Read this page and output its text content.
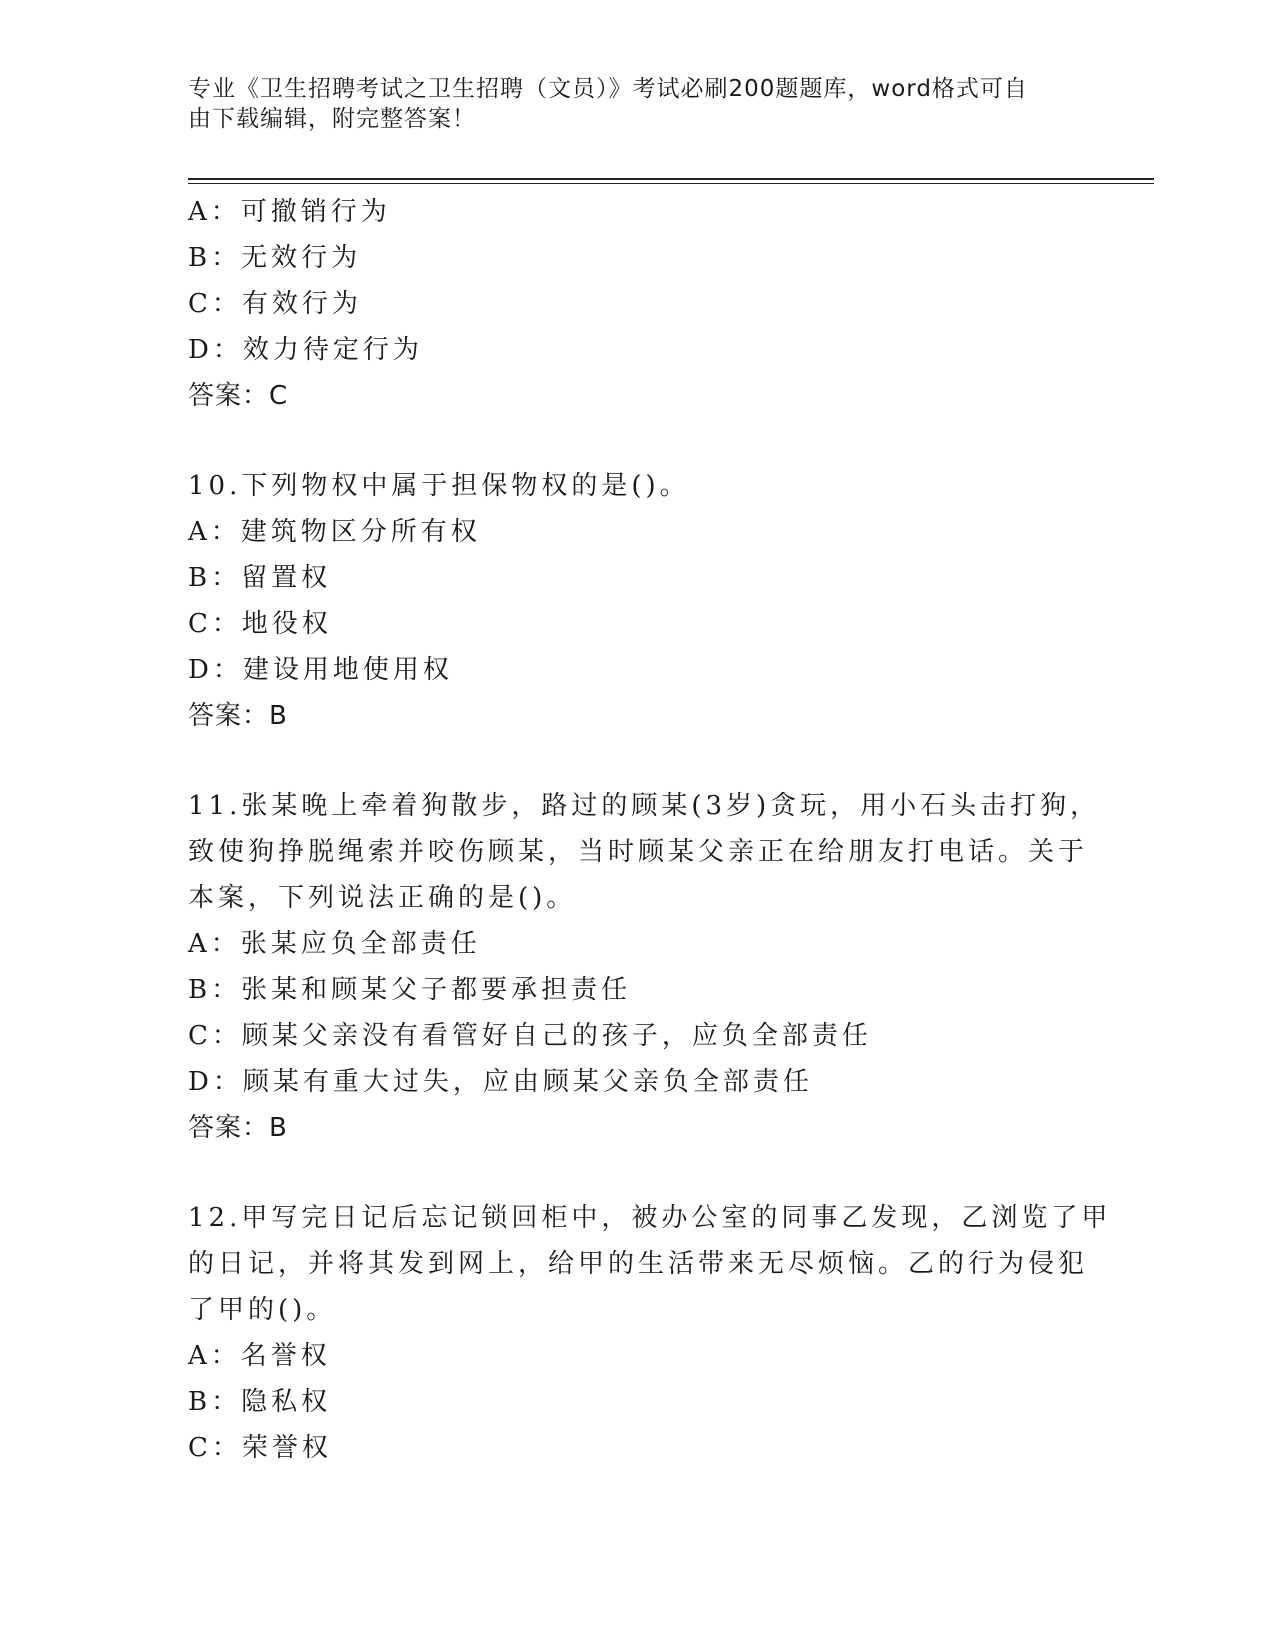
专业《卫生招聘考试之卫生招聘（文员）》考试必刷200题题库，word格式可自
由下载编辑，附完整答案！
A：可撤销行为
B：无效行为
C：有效行为
D：效力待定行为
答案：C
10.下列物权中属于担保物权的是()。
A：建筑物区分所有权
B：留置权
C：地役权
D：建设用地使用权
答案：B
11.张某晚上牵着狗散步，路过的顾某(3岁)贪玩，用小石头击打狗，
致使狗挣脱绳索并咬伤顾某，当时顾某父亲正在给朋友打电话。关于
本案，下列说法正确的是()。
A：张某应负全部责任
B：张某和顾某父子都要承担责任
C：顾某父亲没有看管好自己的孩子，应负全部责任
D：顾某有重大过失，应由顾某父亲负全部责任
答案：B
12.甲写完日记后忘记锁回柜中，被办公室的同事乙发现，乙浏览了甲
的日记，并将其发到网上，给甲的生活带来无尽烦恼。乙的行为侵犯
了甲的()。
A：名誉权
B：隐私权
C：荣誉权
